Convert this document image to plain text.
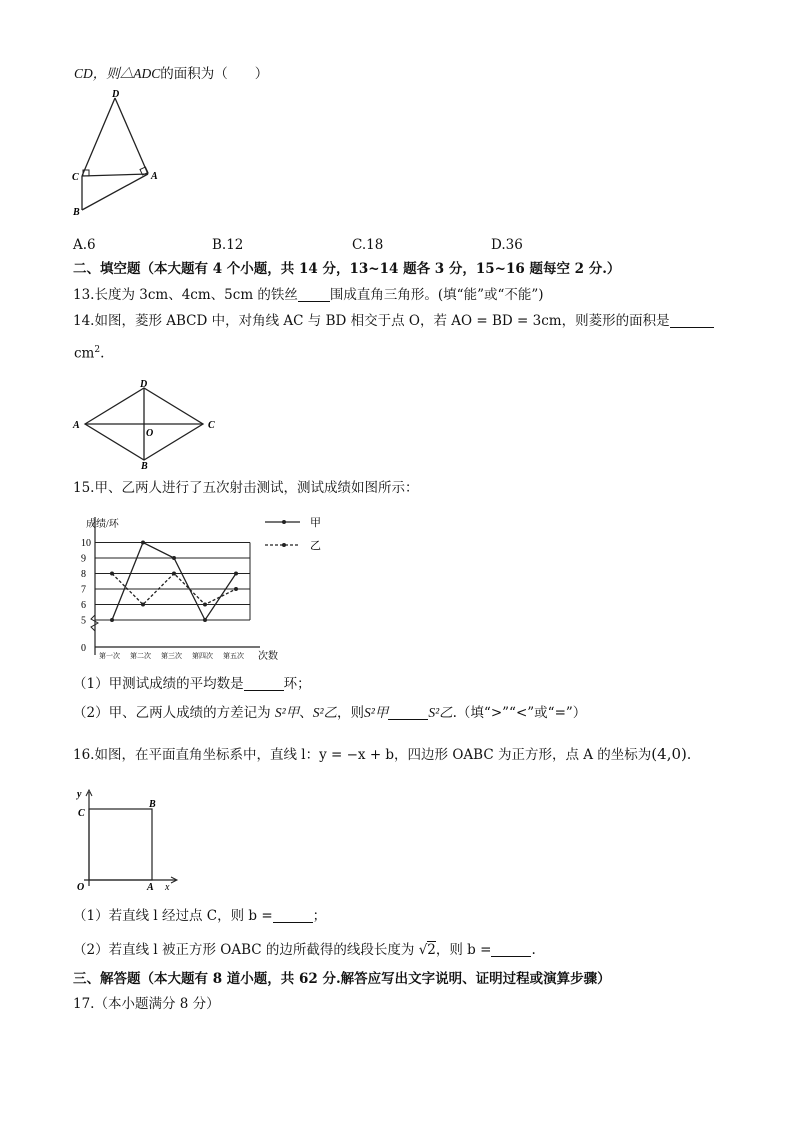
CD，则△ADC的面积为（　　）
D
C	A
B
A.6	B.12	C.18	D.36
二、填空题（本大题有 4 个小题，共 14 分，13~14 题各 3 分，15~16 题每空 2 分.）
13.长度为 3cm、4cm、5cm 的铁丝 围成直角三角形。(填“能”或“不能”)
14.如图，菱形 ABCD 中，对角线 AC 与 BD 相交于点 O，若 AO = BD = 3cm，则菱形的面积是
$cm^2$.
D
A	C
O
B
15.甲、乙两人进行了五次射击测试，测试成绩如图所示：
成绩/环
次数
0
5
6
7
8
9
10
第一次 第二次 第三次 第四次 第五次
甲
乙
（1）甲测试成绩的平均数是	环；
（2）甲、乙两人成绩的方差记为 S²甲、S²乙，则S²甲	S²乙.（填“>”“<”或“=”）
16.如图，在平面直角坐标系中，直线 l：y = −x + b，四边形 OABC 为正方形，点 A 的坐标为(4,0).
y
C
B
O	A x
（1）若直线 l 经过点 C，则 b =	；
（2）若直线 l 被正方形 OABC 的边所截得的线段长度为 √2，则 b =	.
三、解答题（本大题有 8 道小题，共 62 分.解答应写出文字说明、证明过程或演算步骤）
17.（本小题满分 8 分）
